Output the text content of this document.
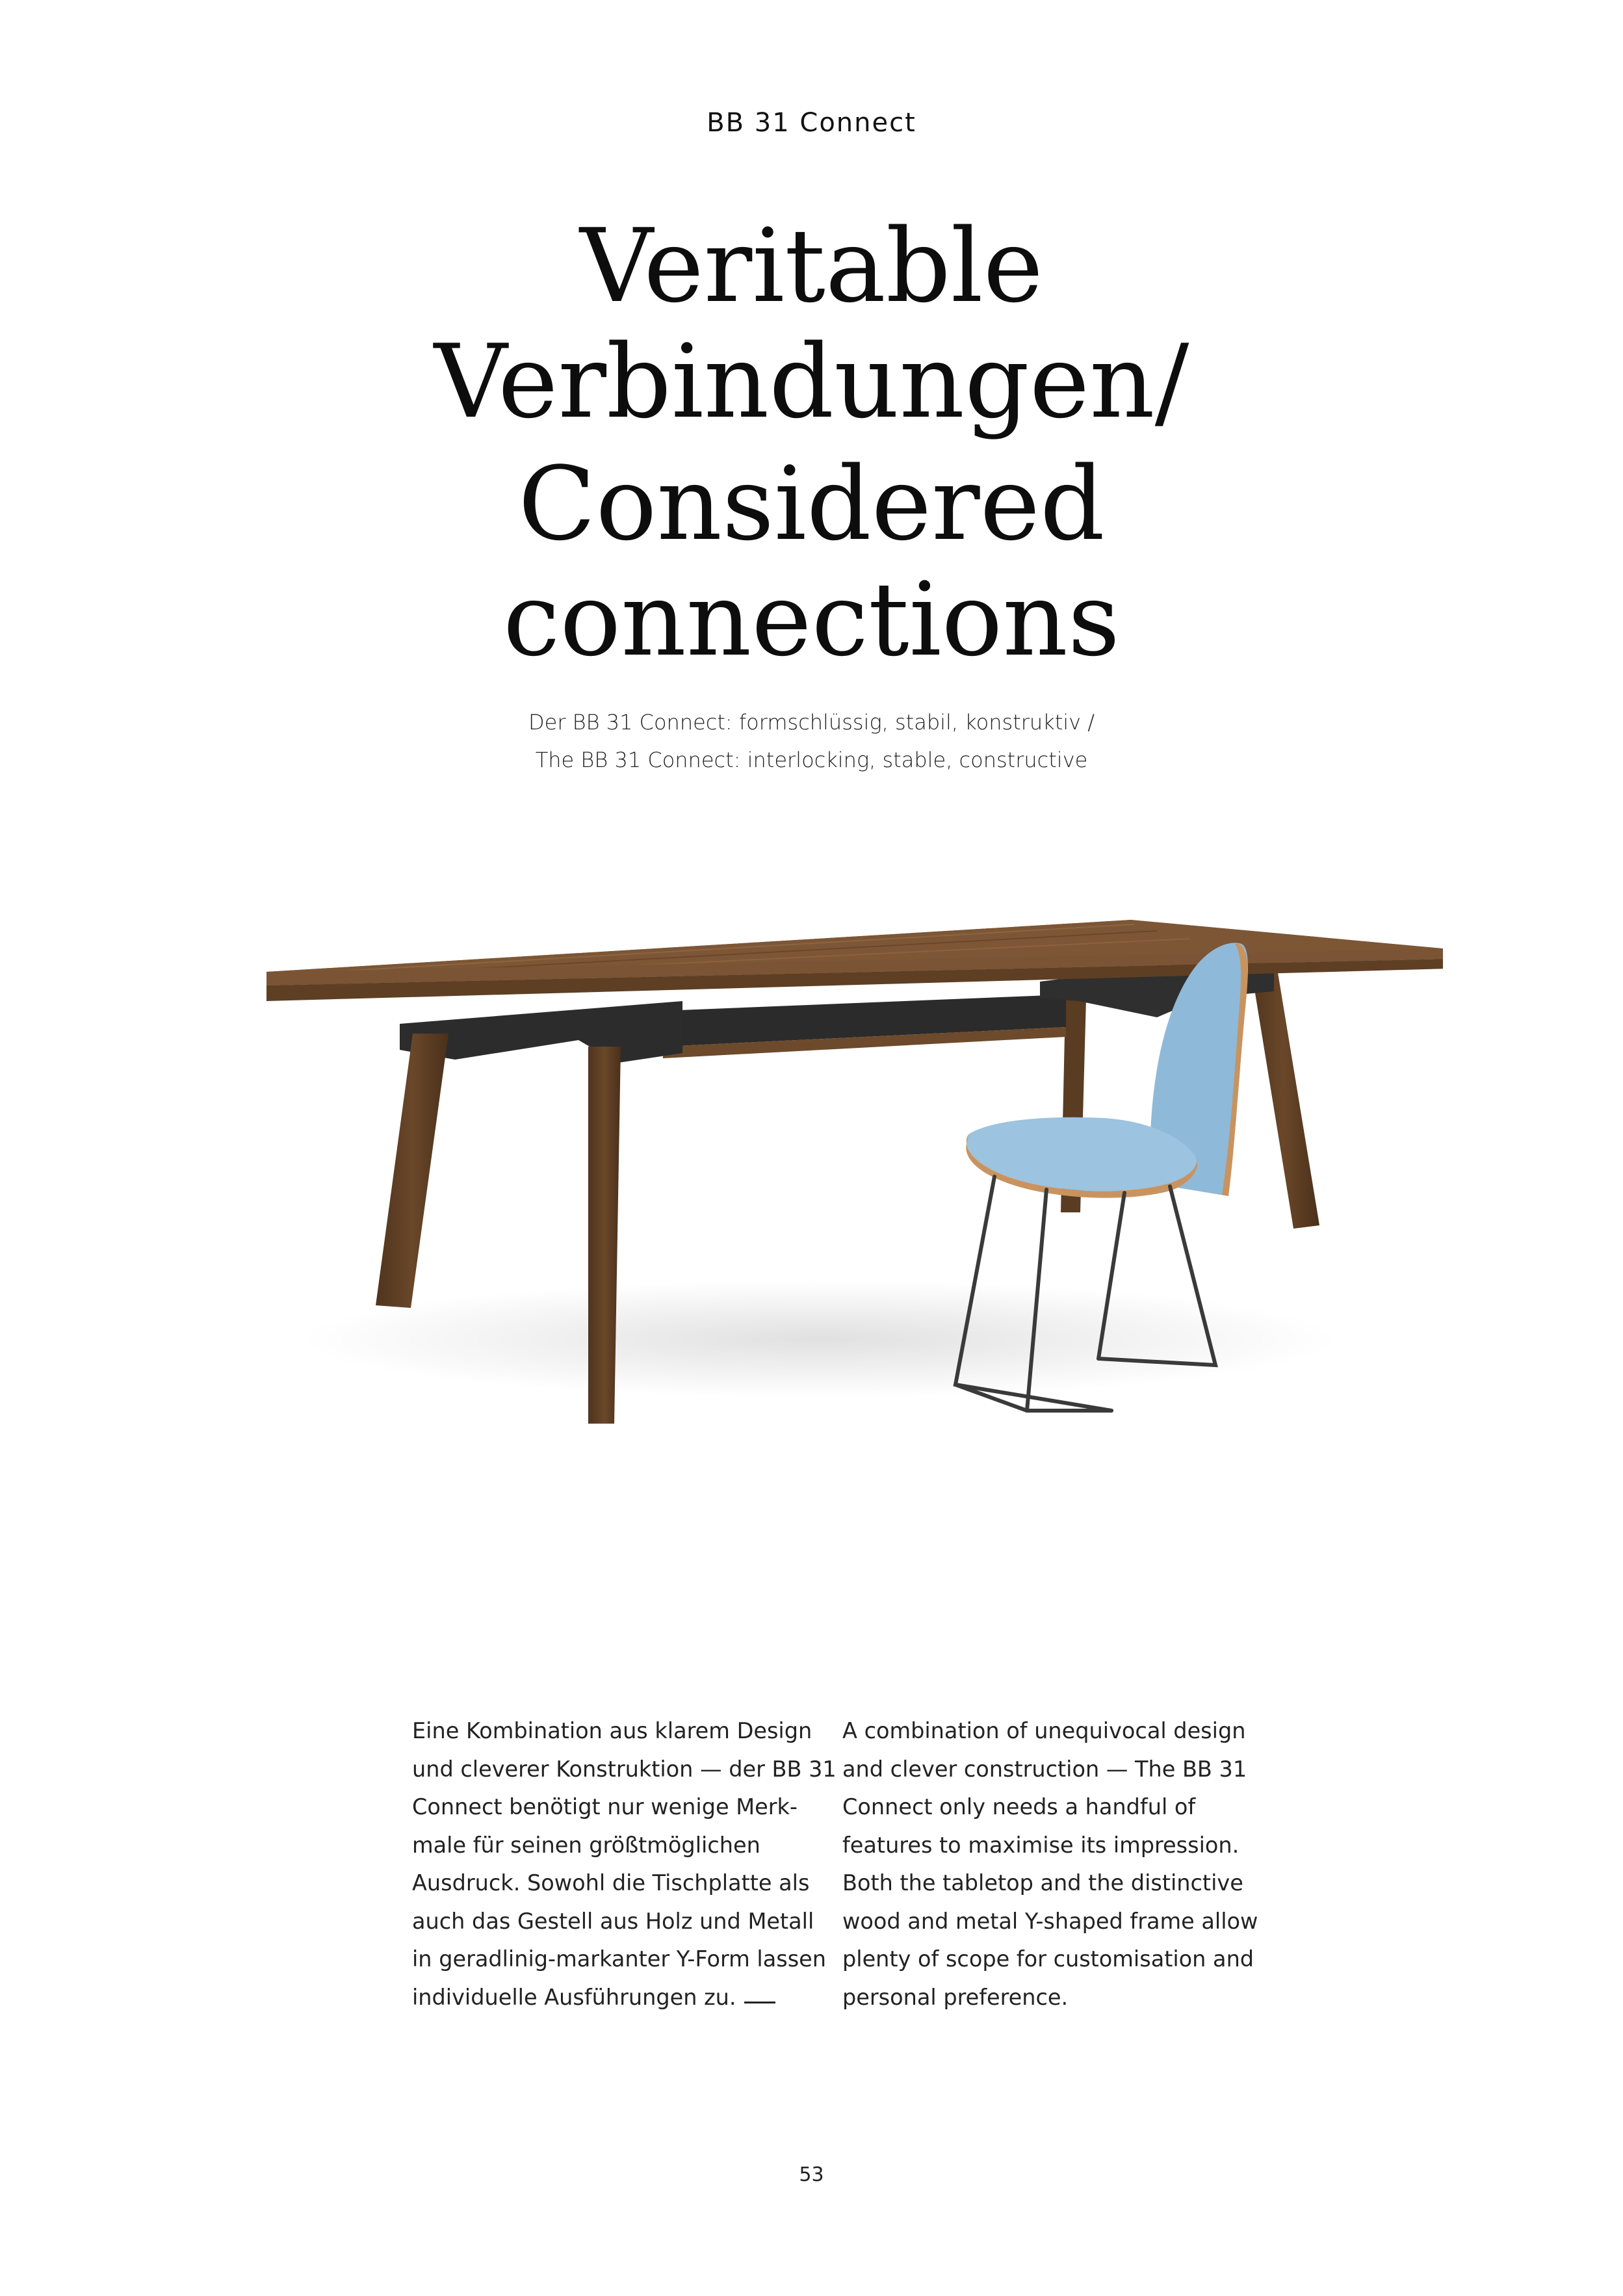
BB 31 Connect
Veritable
Verbindungen/
Considered
connections
Der BB 31 Connect: formschlüssig, stabil, konstruktiv /
The BB 31 Connect: interlocking, stable, constructive
Eine Kombination aus klarem Design
und cleverer Konstruktion — der BB 31
Connect benötigt nur wenige Merk-
male für seinen größtmöglichen
Ausdruck. Sowohl die Tischplatte als
auch das Gestell aus Holz und Metall
in geradlinig-markanter Y-Form lassen
individuelle Ausführungen zu.
A combination of unequivocal design
and clever construction — The BB 31
Connect only needs a handful of
features to maximise its impression.
Both the tabletop and the distinctive
wood and metal Y-shaped frame allow
plenty of scope for customisation and
personal preference.
53
